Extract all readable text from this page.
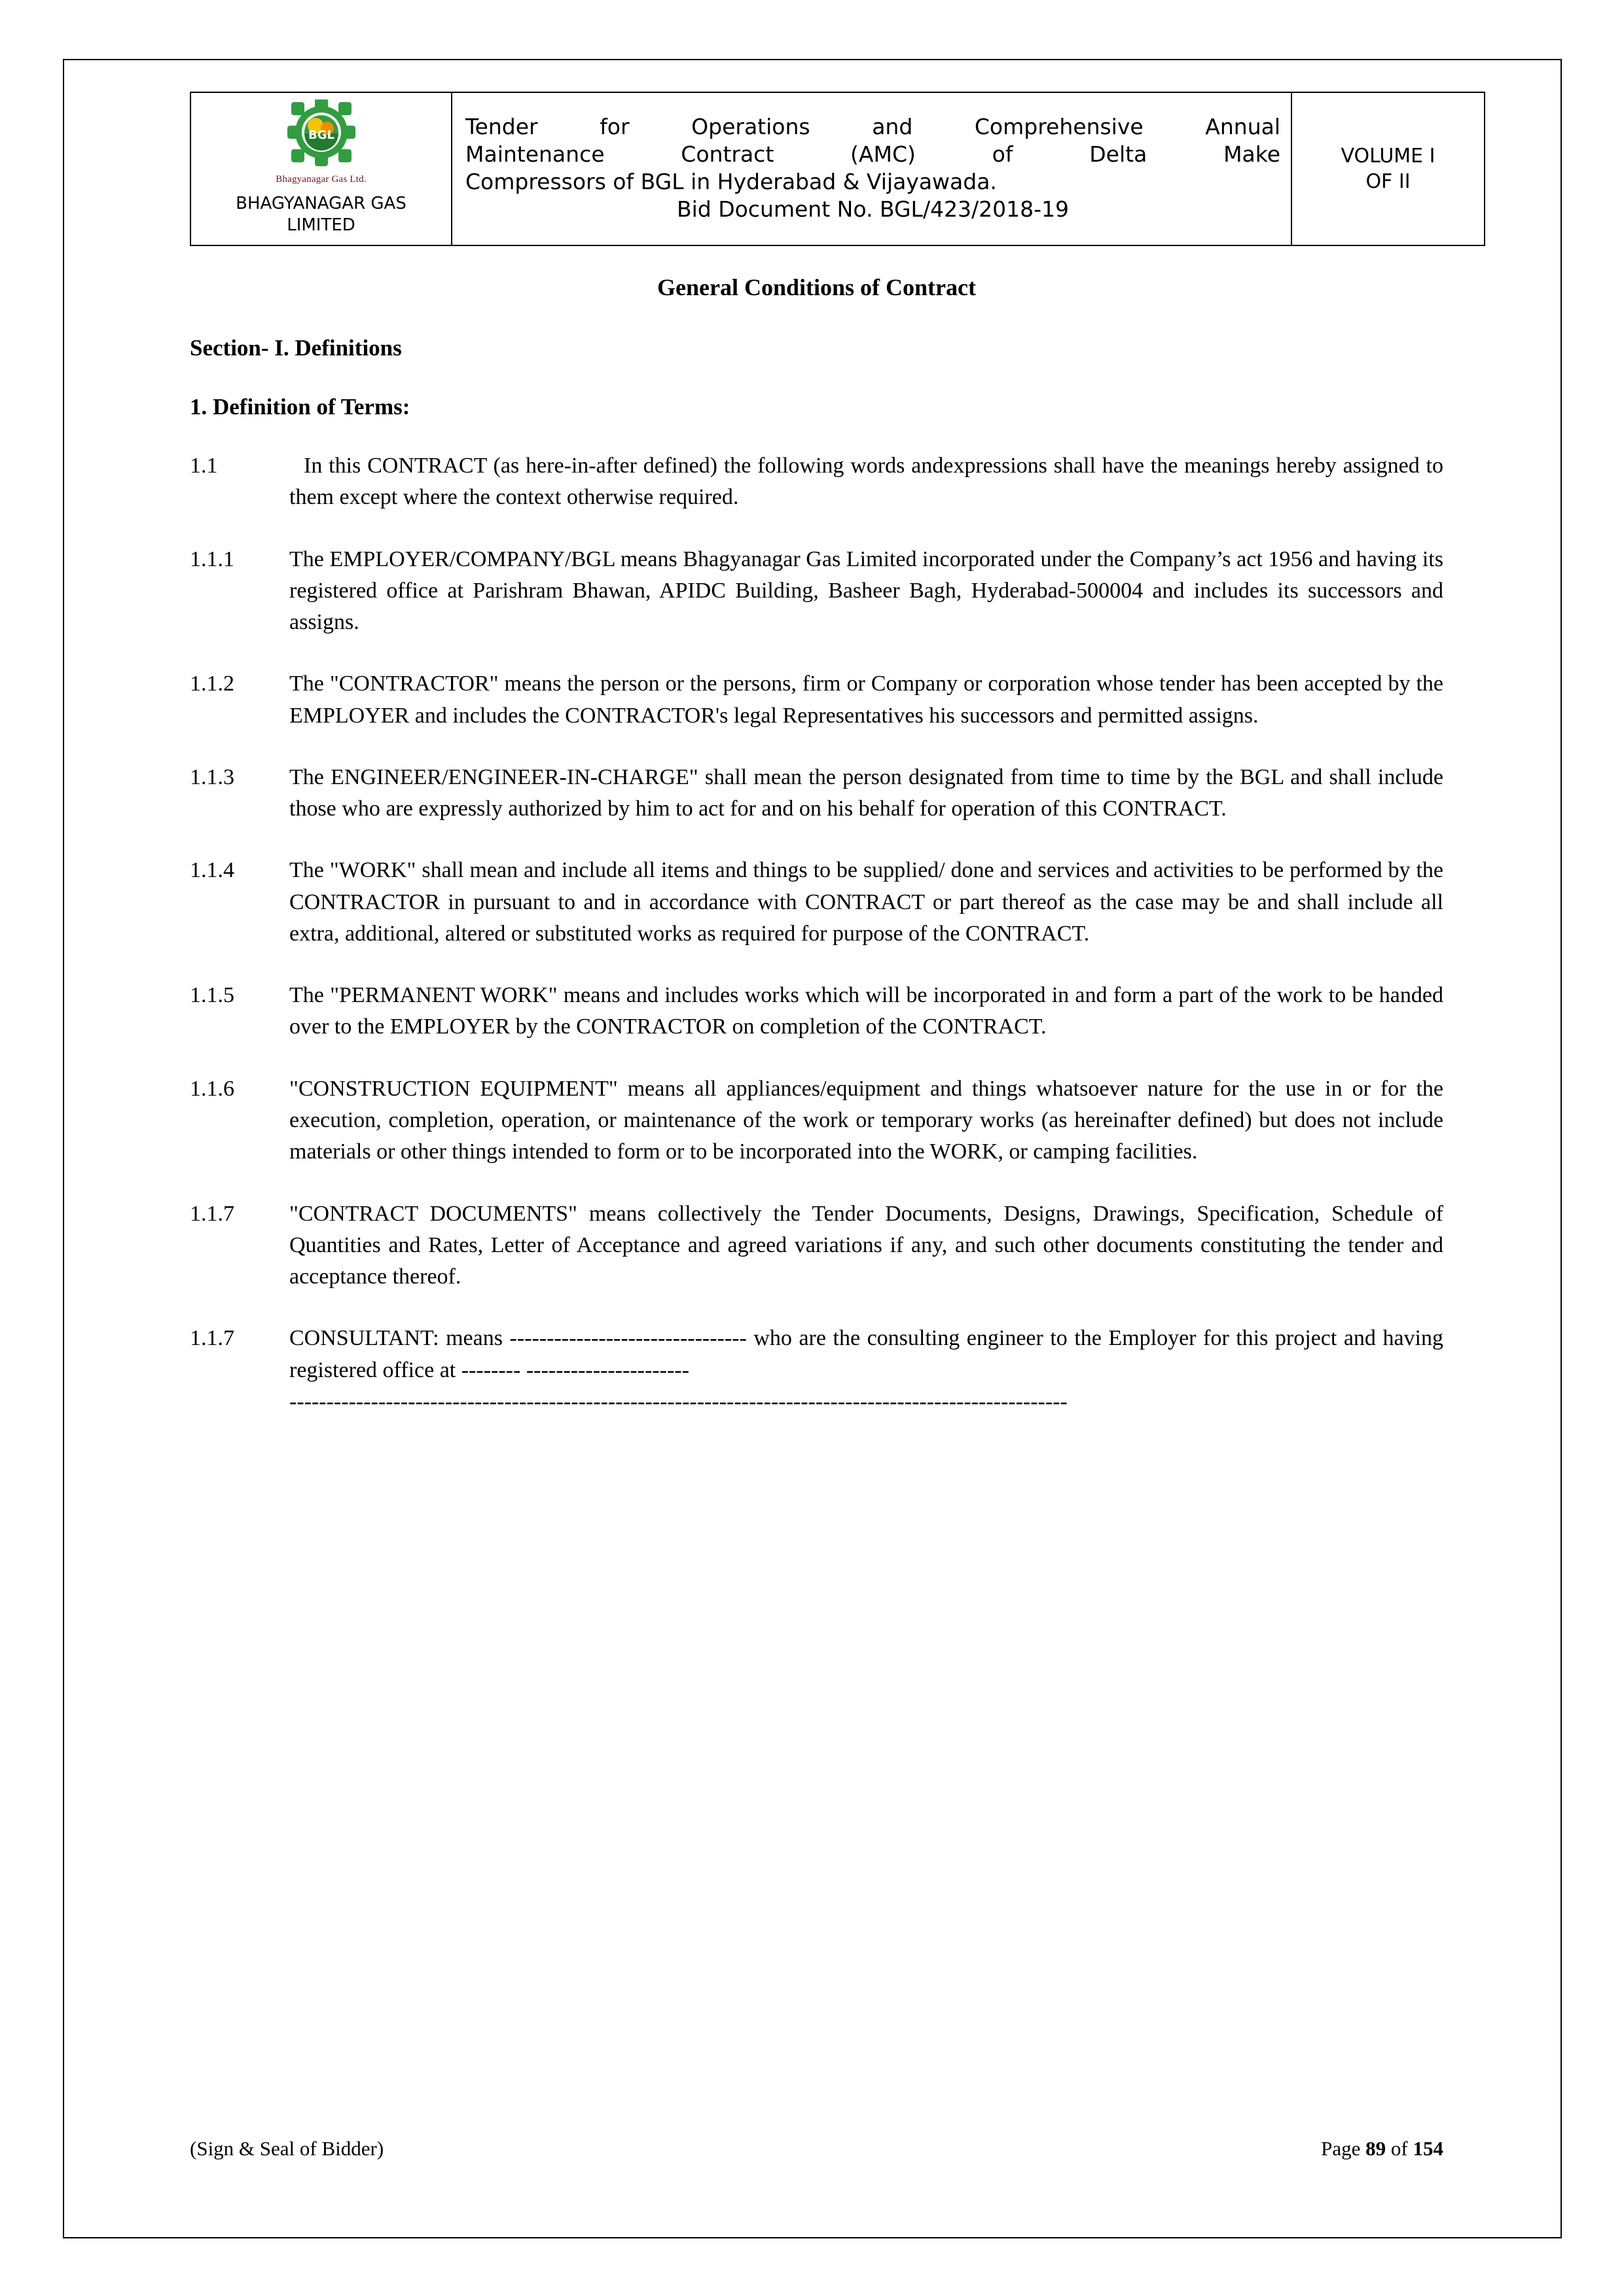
BGL
Bhagyanagar Gas Ltd.
BHAGYANAGAR GAS
LIMITED

Tender for Operations and Comprehensive Annual
Maintenance Contract (AMC) of Delta Make
Compressors of BGL in Hyderabad & Vijayawada.
Bid Document No. BGL/423/2018-19

VOLUME I
OF II
General Conditions of Contract
Section- I. Definitions
1. Definition of Terms:
1.1	In this CONTRACT (as here-in-after defined) the following words andexpressions shall have the meanings hereby assigned to them except where the context otherwise required.
1.1.1	The EMPLOYER/COMPANY/BGL means Bhagyanagar Gas Limited incorporated under the Company’s act 1956 and having its registered office at Parishram Bhawan, APIDC Building, Basheer Bagh, Hyderabad-500004 and includes its successors and assigns.
1.1.2	The "CONTRACTOR" means the person or the persons, firm or Company or corporation whose tender has been accepted by the EMPLOYER and includes the CONTRACTOR's legal Representatives his successors and permitted assigns.
1.1.3	The ENGINEER/ENGINEER-IN-CHARGE" shall mean the person designated from time to time by the BGL and shall include those who are expressly authorized by him to act for and on his behalf for operation of this CONTRACT.
1.1.4	The "WORK" shall mean and include all items and things to be supplied/ done and services and activities to be performed by the CONTRACTOR in pursuant to and in accordance with CONTRACT or part thereof as the case may be and shall include all extra, additional, altered or substituted works as required for purpose of the CONTRACT.
1.1.5	The "PERMANENT WORK" means and includes works which will be incorporated in and form a part of the work to be handed over to the EMPLOYER by the CONTRACTOR on completion of the CONTRACT.
1.1.6	"CONSTRUCTION EQUIPMENT" means all appliances/equipment and things whatsoever nature for the use in or for the execution, completion, operation, or maintenance of the work or temporary works (as hereinafter defined) but does not include materials or other things intended to form or to be incorporated into the WORK, or camping facilities.
1.1.7	"CONTRACT DOCUMENTS" means collectively the Tender Documents, Designs, Drawings, Specification, Schedule of Quantities and Rates, Letter of Acceptance and agreed variations if any, and such other documents constituting the tender and acceptance thereof.
1.1.7	CONSULTANT: means -------------------------------- who are the consulting engineer to the Employer for this project and having registered office at -------- ----------------------
---------------------------------------------------------------------------------------------------------
(Sign & Seal of Bidder)	Page 89 of 154
